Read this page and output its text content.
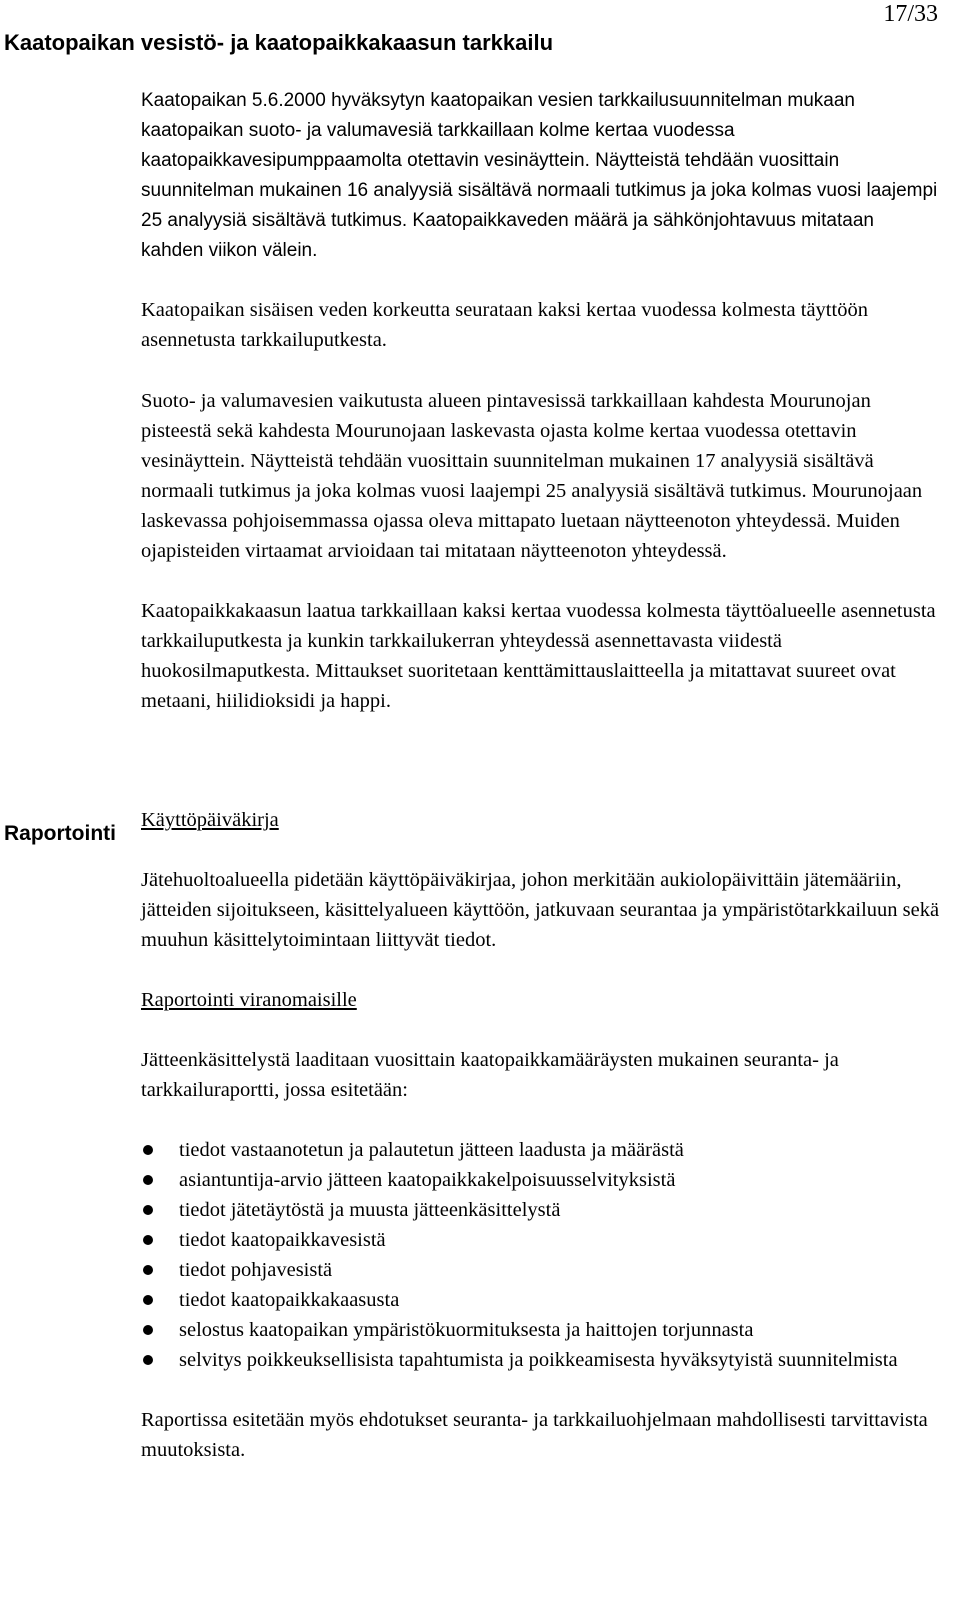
17/33
Kaatopaikan vesistö- ja kaatopaikkakaasun tarkkailu
Raportointi

Kaatopaikan 5.6.2000 hyväksytyn kaatopaikan vesien tarkkailusuunnitelman mukaan kaatopaikan suoto- ja valumavesiä tarkkaillaan kolme kertaa vuodessa kaatopaikkavesipumppaamolta otettavin vesinäyttein. Näytteistä tehdään vuosittain suunnitelman mukainen 16 analyysiä sisältävä normaali tutkimus ja joka kolmas vuosi laajempi 25 analyysiä sisältävä tutkimus. Kaatopaikkaveden määrä ja sähkönjohtavuus mitataan kahden viikon välein.

Kaatopaikan sisäisen veden korkeutta seurataan kaksi kertaa vuodessa kolmesta täyttöön asennetusta tarkkailuputkesta.

Suoto- ja valumavesien vaikutusta alueen pintavesissä tarkkaillaan kahdesta Mourunojan pisteestä sekä kahdesta Mourunojaan laskevasta ojasta kolme kertaa vuodessa otettavin vesinäyttein. Näytteistä tehdään vuosittain suunnitelman mukainen 17 analyysiä sisältävä normaali tutkimus ja joka kolmas vuosi laajempi 25 analyysiä sisältävä tutkimus. Mourunojaan laskevassa pohjoisemmassa ojassa oleva mittapato luetaan näytteenoton yhteydessä. Muiden ojapisteiden virtaamat arvioidaan tai mitataan näytteenoton yhteydessä.

Kaatopaikkakaasun laatua tarkkaillaan kaksi kertaa vuodessa kolmesta täyttöalueelle asennetusta tarkkailuputkesta ja kunkin tarkkailukerran yhteydessä asennettavasta viidestä huokosilmaputkesta. Mittaukset suoritetaan kenttämittauslaitteella ja mitattavat suureet ovat metaani, hiilidioksidi ja happi.

Käyttöpäiväkirja

Jätehuoltoalueella pidetään käyttöpäiväkirjaa, johon merkitään aukiolopäivittäin jätemääriin, jätteiden sijoitukseen, käsittelyalueen käyttöön, jatkuvaan seurantaa ja ympäristötarkkailuun sekä muuhun käsittelytoimintaan liittyvät tiedot.

Raportointi viranomaisille

Jätteenkäsittelystä laaditaan vuosittain kaatopaikkamääräysten mukainen seuranta- ja tarkkailuraportti, jossa esitetään:

tiedot vastaanotetun ja palautetun jätteen laadusta ja määrästä
asiantuntija-arvio jätteen kaatopaikkakelpoisuusselvityksistä
tiedot jätetäytöstä ja muusta jätteenkäsittelystä
tiedot kaatopaikkavesistä
tiedot pohjavesistä
tiedot kaatopaikkakaasusta
selostus kaatopaikan ympäristökuormituksesta ja haittojen torjunnasta
selvitys poikkeuksellisista tapahtumista ja poikkeamisesta hyväksytyistä suunnitelmista

Raportissa esitetään myös ehdotukset seuranta- ja tarkkailuohjelmaan mahdollisesti tarvittavista muutoksista.
